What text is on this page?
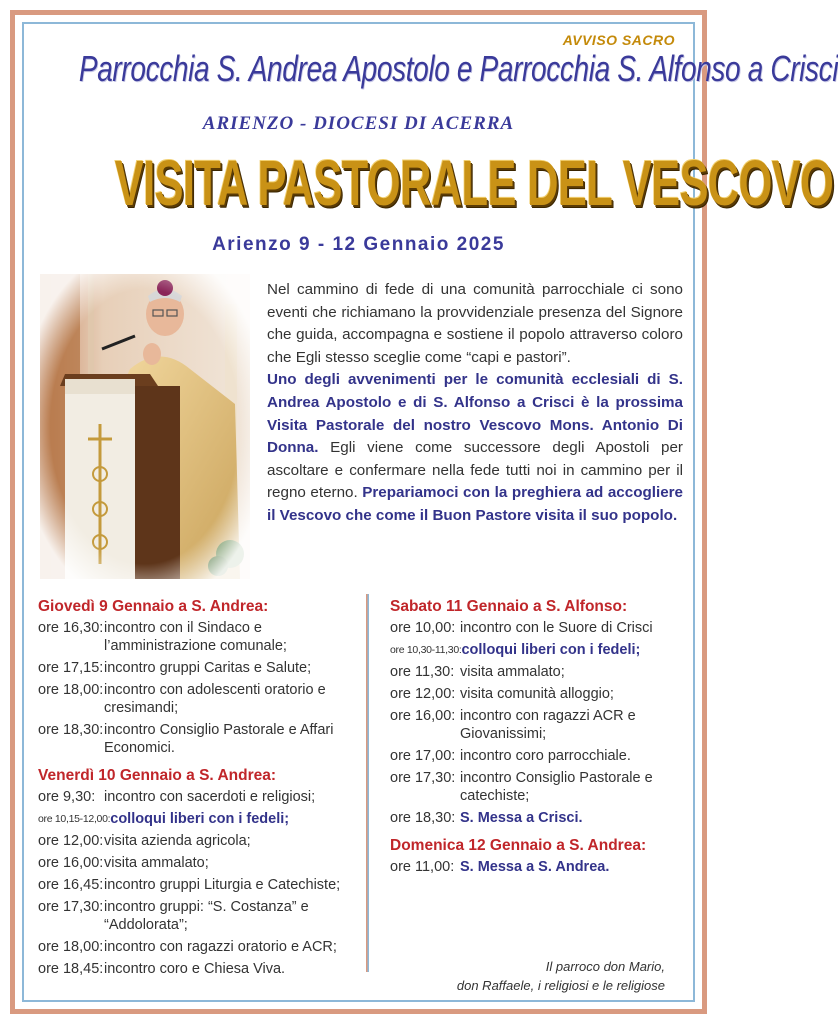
AVVISO SACRO
Parrocchia S. Andrea Apostolo e Parrocchia S. Alfonso a Crisci
ARIENZO - DIOCESI DI ACERRA
VISITA PASTORALE DEL VESCOVO
Arienzo 9 - 12 Gennaio 2025
Nel cammino di fede di una comunità parrocchiale ci sono eventi che richiamano la provvidenziale presenza del Signore che guida, accompagna e sostiene il popolo attraverso coloro che Egli stesso sceglie come “capi e pastori”.
Uno degli avvenimenti per le comunità ecclesiali di S. Andrea Apostolo e di S. Alfonso a Crisci è la prossima Visita Pastorale del nostro Vescovo Mons. Antonio Di Donna. Egli viene come successore degli Apostoli per ascoltare e confermare nella fede tutti noi in cammino per il regno eterno. Prepariamoci con la preghiera ad accogliere il Vescovo che come il Buon Pastore visita il suo popolo.
Giovedì 9 Gennaio a S. Andrea:
ore 16,30: incontro con il Sindaco e l’amministrazione comunale;
ore 17,15: incontro gruppi Caritas e Salute;
ore 18,00: incontro con adolescenti oratorio e cresimandi;
ore 18,30: incontro Consiglio Pastorale e Affari Economici.
Venerdì 10 Gennaio a S. Andrea:
ore 9,30: incontro con sacerdoti e religiosi;
ore 10,15-12,00: colloqui liberi con i fedeli;
ore 12,00: visita azienda agricola;
ore 16,00: visita ammalato;
ore 16,45: incontro gruppi Liturgia e Catechiste;
ore 17,30: incontro gruppi: “S. Costanza” e “Addolorata”;
ore 18,00: incontro con ragazzi oratorio e ACR;
ore 18,45: incontro coro e Chiesa Viva.
Sabato 11 Gennaio a S. Alfonso:
ore 10,00: incontro con le Suore di Crisci
ore 10,30-11,30: colloqui liberi con i fedeli;
ore 11,30: visita ammalato;
ore 12,00: visita comunità alloggio;
ore 16,00: incontro con ragazzi ACR e Giovanissimi;
ore 17,00: incontro coro parrocchiale.
ore 17,30: incontro Consiglio Pastorale e catechiste;
ore 18,30: S. Messa a Crisci.
Domenica 12 Gennaio a S. Andrea:
ore 11,00: S. Messa a S. Andrea.
Il parroco don Mario,
don Raffaele, i religiosi e le religiose
